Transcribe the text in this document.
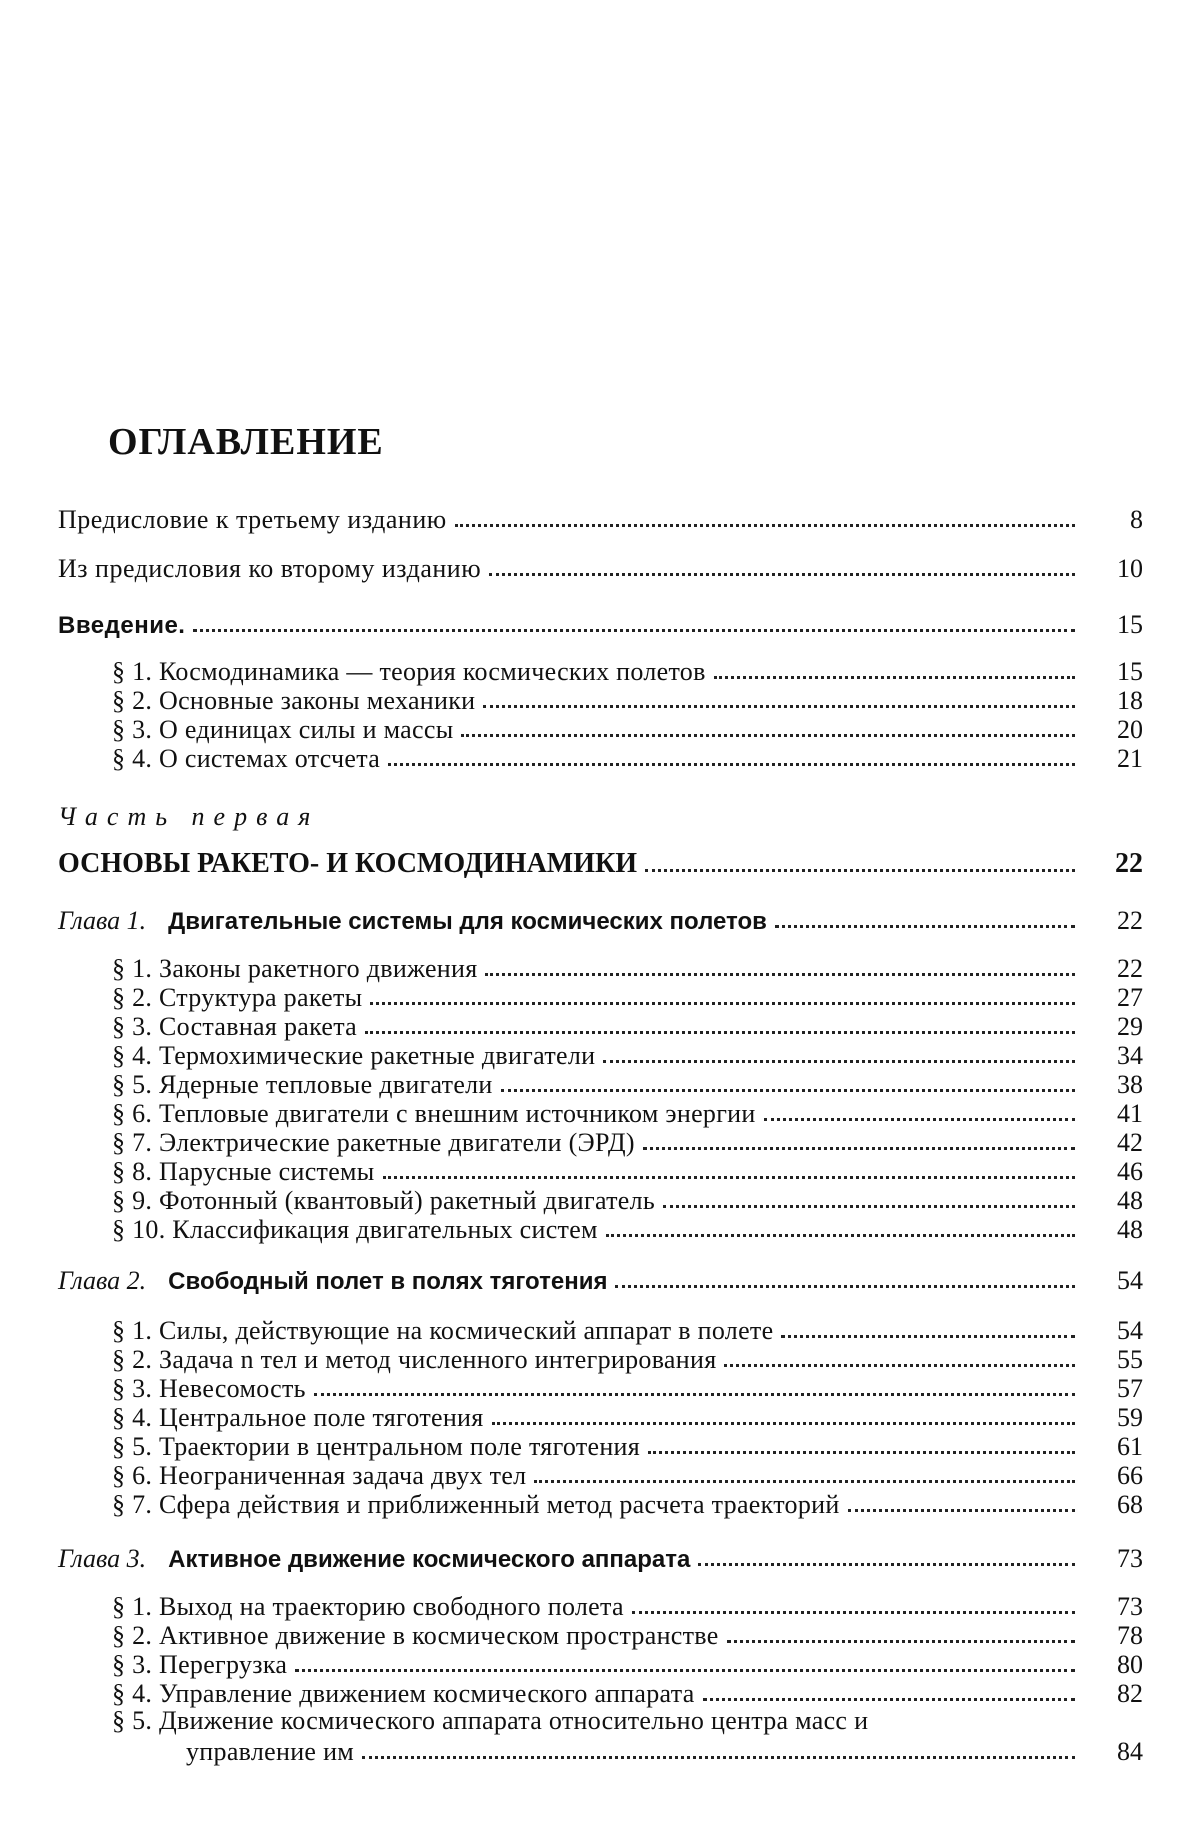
ОГЛАВЛЕНИЕ
Предисловие к третьему изданию	8
Из предисловия ко второму изданию	10
Введение.	15
§ 1. Космодинамика — теория космических полетов	15
§ 2. Основные законы механики	18
§ 3. О единицах силы и массы	20
§ 4. О системах отсчета	21
Часть первая
ОСНОВЫ РАКЕТО- И КОСМОДИНАМИКИ	22
Глава 1. Двигательные системы для космических полетов	22
§ 1. Законы ракетного движения	22
§ 2. Структура ракеты	27
§ 3. Составная ракета	29
§ 4. Термохимические ракетные двигатели	34
§ 5. Ядерные тепловые двигатели	38
§ 6. Тепловые двигатели с внешним источником энергии	41
§ 7. Электрические ракетные двигатели (ЭРД)	42
§ 8. Парусные системы	46
§ 9. Фотонный (квантовый) ракетный двигатель	48
§ 10. Классификация двигательных систем	48
Глава 2. Свободный полет в полях тяготения	54
§ 1. Силы, действующие на космический аппарат в полете	54
§ 2. Задача n тел и метод численного интегрирования	55
§ 3. Невесомость	57
§ 4. Центральное поле тяготения	59
§ 5. Траектории в центральном поле тяготения	61
§ 6. Неограниченная задача двух тел	66
§ 7. Сфера действия и приближенный метод расчета траекторий	68
Глава 3. Активное движение космического аппарата	73
§ 1. Выход на траекторию свободного полета	73
§ 2. Активное движение в космическом пространстве	78
§ 3. Перегрузка	80
§ 4. Управление движением космического аппарата	82
§ 5. Движение космического аппарата относительно центра масс и
управление им	84
